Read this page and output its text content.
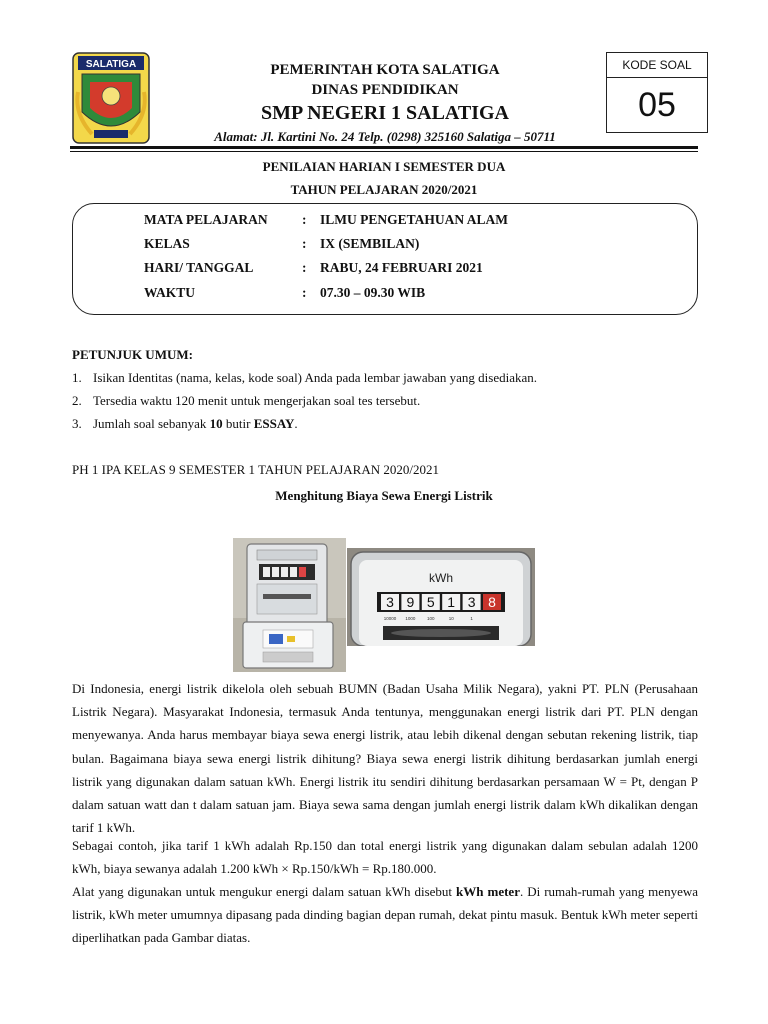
SALATIGA	PEMERINTAH KOTA SALATIGA
DINAS PENDIDIKAN
SMP NEGERI 1 SALATIGA
Alamat: Jl. Kartini No. 24 Telp. (0298) 325160 Salatiga – 50711
KODE SOAL
05
PENILAIAN HARIAN I SEMESTER DUA
TAHUN PELAJARAN 2020/2021
MATA PELAJARAN	: ILMU PENGETAHUAN ALAM
KELAS	: IX (SEMBILAN)
HARI/ TANGGAL	: RABU, 24 FEBRUARI 2021
WAKTU	: 07.30 – 09.30 WIB
PETUNJUK UMUM:
1. Isikan Identitas (nama, kelas, kode soal) Anda pada lembar jawaban yang disediakan.
2. Tersedia waktu 120 menit untuk mengerjakan soal tes tersebut.
3. Jumlah soal sebanyak 10 butir ESSAY.
PH 1 IPA KELAS 9 SEMESTER 1 TAHUN PELAJARAN 2020/2021
Menghitung Biaya Sewa Energi Listrik
kWh
3 9 5 1 3 8
10000 1000	100	10	1
Di Indonesia, energi listrik dikelola oleh sebuah BUMN (Badan Usaha Milik Negara), yakni PT. PLN (Perusahaan Listrik Negara). Masyarakat Indonesia, termasuk Anda tentunya, menggunakan energi listrik dari PT. PLN dengan menyewanya. Anda harus membayar biaya sewa energi listrik, atau lebih dikenal dengan sebutan rekening listrik, tiap bulan. Bagaimana biaya sewa energi listrik dihitung? Biaya sewa energi listrik dihitung berdasarkan jumlah energi listrik yang digunakan dalam satuan kWh. Energi listrik itu sendiri dihitung berdasarkan persamaan W = Pt, dengan P dalam satuan watt dan t dalam satuan jam. Biaya sewa sama dengan jumlah energi listrik dalam kWh dikalikan dengan tarif 1 kWh.
Sebagai contoh, jika tarif 1 kWh adalah Rp.150 dan total energi listrik yang digunakan dalam sebulan adalah 1200 kWh, biaya sewanya adalah 1.200 kWh × Rp.150/kWh = Rp.180.000.
Alat yang digunakan untuk mengukur energi dalam satuan kWh disebut kWh meter. Di rumah-rumah yang menyewa listrik, kWh meter umumnya dipasang pada dinding bagian depan rumah, dekat pintu masuk. Bentuk kWh meter seperti diperlihatkan pada Gambar diatas.
